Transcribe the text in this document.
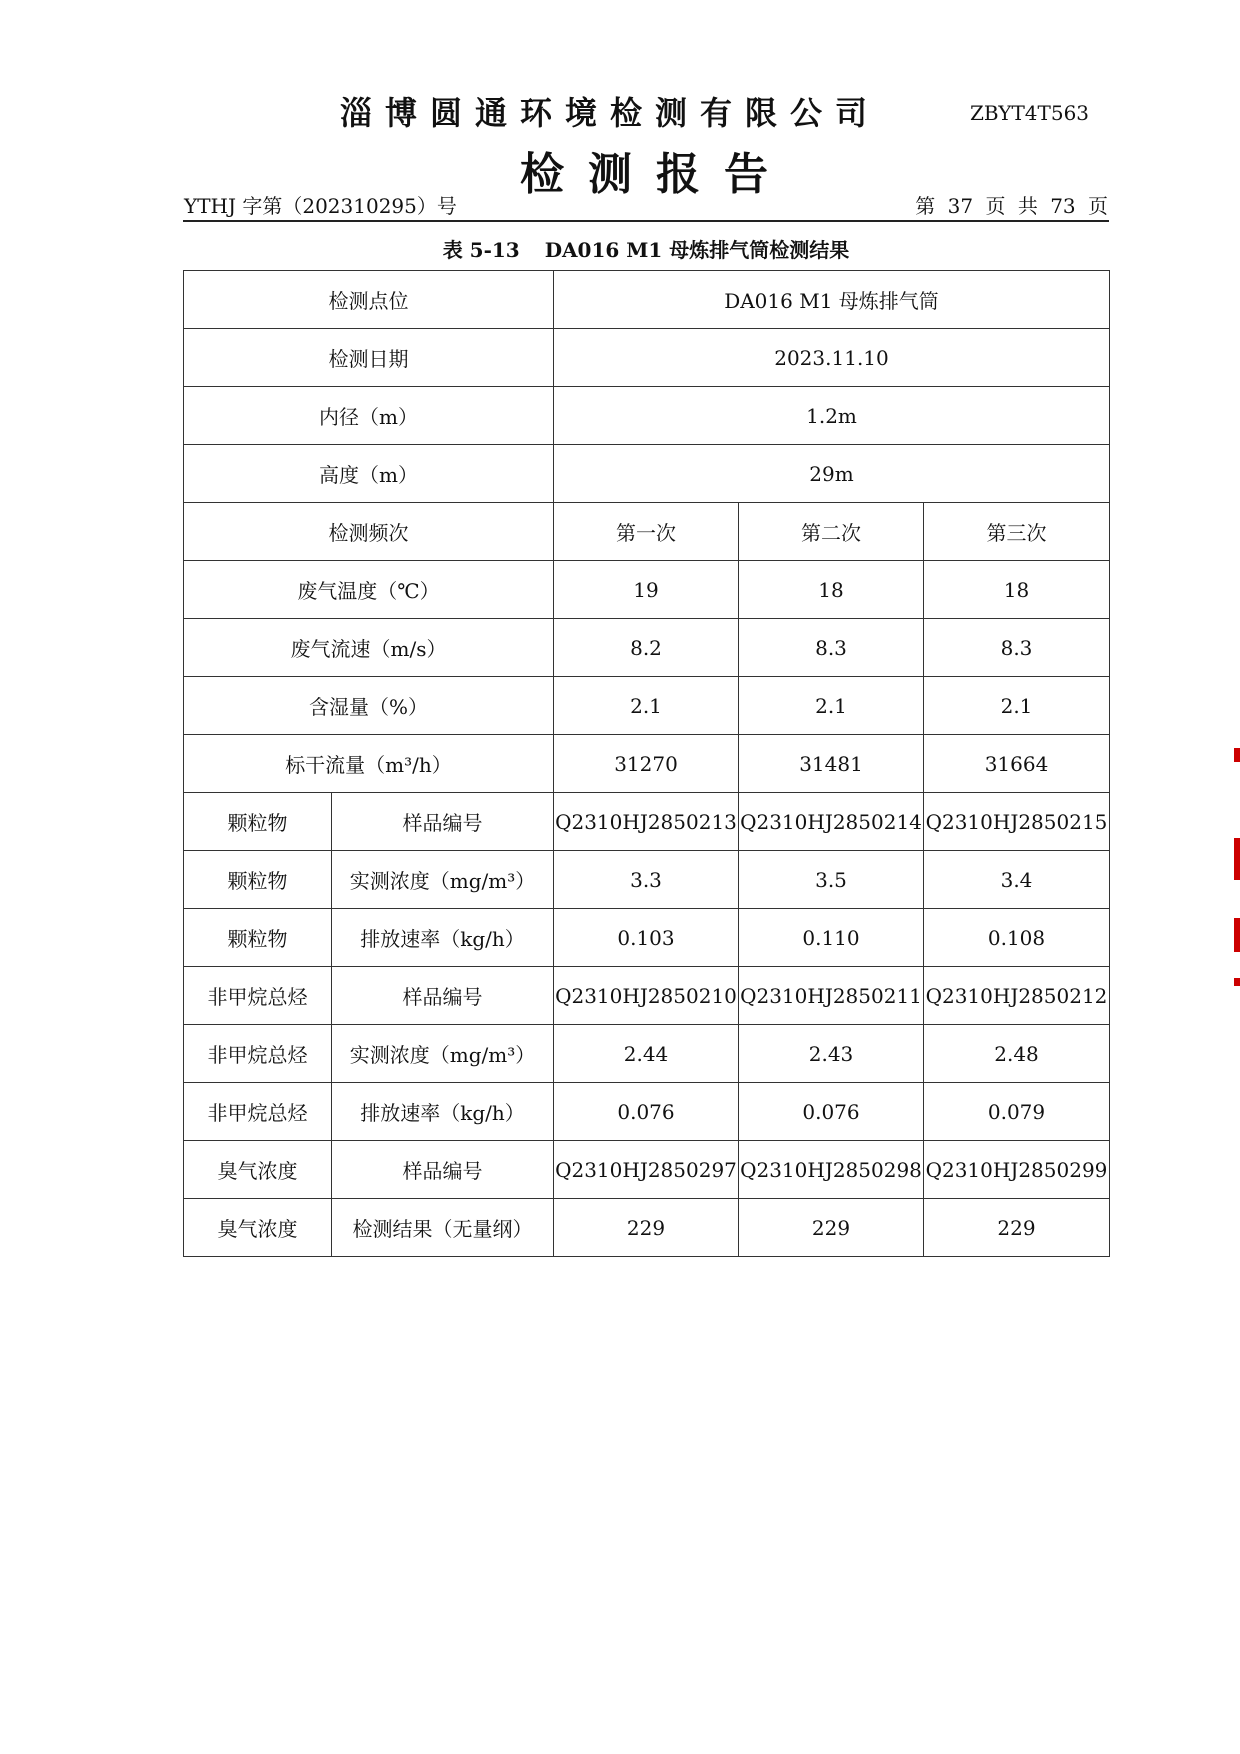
淄博圆通环境检测有限公司	ZBYT4T563
检测报告
YTHJ 字第（202310295）号	第 37 页 共 73 页
表 5-13 DA016 M1 母炼排气筒检测结果
检测点位		DA016 M1 母炼排气筒		
检测日期		2023.11.10		
内径（m）		1.2m		
高度（m）		29m		
检测频次		第一次	第二次	第三次
废气温度（℃）		19	18	18
废气流速（m/s）		8.2	8.3	8.3
含湿量（%）		2.1	2.1	2.1
标干流量（m³/h）		31270	31481	31664
颗粒物	样品编号	Q2310HJ2850213	Q2310HJ2850214	Q2310HJ2850215
颗粒物	实测浓度（mg/m³）	3.3	3.5	3.4
颗粒物	排放速率（kg/h）	0.103	0.110	0.108
非甲烷总烃	样品编号	Q2310HJ2850210	Q2310HJ2850211	Q2310HJ2850212
非甲烷总烃	实测浓度（mg/m³）	2.44	2.43	2.48
非甲烷总烃	排放速率（kg/h）	0.076	0.076	0.079
臭气浓度	样品编号	Q2310HJ2850297	Q2310HJ2850298	Q2310HJ2850299
臭气浓度	检测结果（无量纲）	229	229	229
